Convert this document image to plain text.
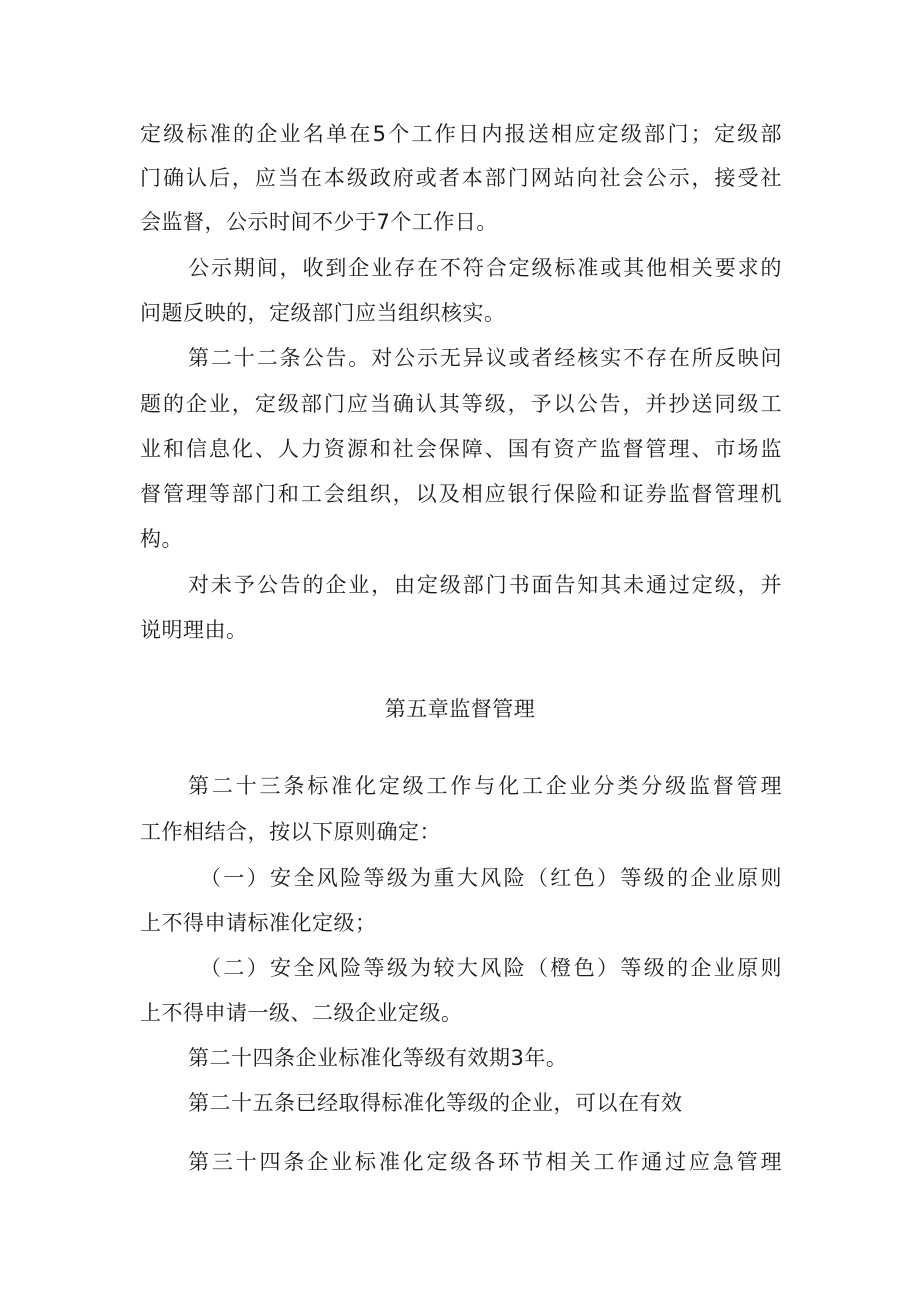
定级标准的企业名单在5个工作日内报送相应定级部门；定级部
门确认后，应当在本级政府或者本部门网站向社会公示，接受社
会监督，公示时间不少于7个工作日。
公示期间，收到企业存在不符合定级标准或其他相关要求的
问题反映的，定级部门应当组织核实。
第二十二条公告。对公示无异议或者经核实不存在所反映问
题的企业，定级部门应当确认其等级，予以公告，并抄送同级工
业和信息化、人力资源和社会保障、国有资产监督管理、市场监
督管理等部门和工会组织，以及相应银行保险和证券监督管理机
构。
对未予公告的企业，由定级部门书面告知其未通过定级，并
说明理由。
第五章监督管理
第二十三条标准化定级工作与化工企业分类分级监督管理
工作相结合，按以下原则确定：
（一）安全风险等级为重大风险（红色）等级的企业原则
上不得申请标准化定级；
（二）安全风险等级为较大风险（橙色）等级的企业原则
上不得申请一级、二级企业定级。
第二十四条企业标准化等级有效期3年。
第二十五条已经取得标准化等级的企业，可以在有效
第三十四条企业标准化定级各环节相关工作通过应急管理
